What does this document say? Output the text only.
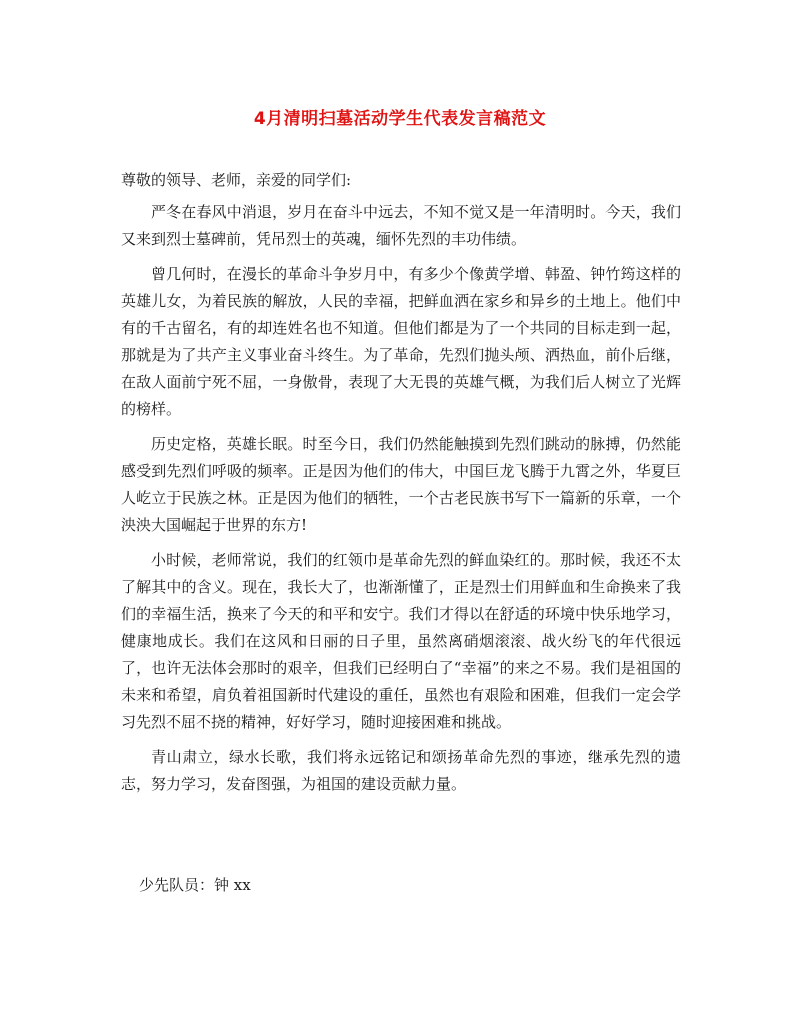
4月清明扫墓活动学生代表发言稿范文
尊敬的领导、老师，亲爱的同学们:

严冬在春风中消退，岁月在奋斗中远去，不知不觉又是一年清明时。今天，我们又来到烈士墓碑前，凭吊烈士的英魂，缅怀先烈的丰功伟绩。

曾几何时，在漫长的革命斗争岁月中，有多少个像黄学增、韩盈、钟竹筠这样的英雄儿女，为着民族的解放，人民的幸福，把鲜血洒在家乡和异乡的土地上。他们中有的千古留名，有的却连姓名也不知道。但他们都是为了一个共同的目标走到一起，那就是为了共产主义事业奋斗终生。为了革命，先烈们抛头颅、洒热血，前仆后继，在敌人面前宁死不屈，一身傲骨，表现了大无畏的英雄气概，为我们后人树立了光辉的榜样。

历史定格，英雄长眠。时至今日，我们仍然能触摸到先烈们跳动的脉搏，仍然能感受到先烈们呼吸的频率。正是因为他们的伟大，中国巨龙飞腾于九霄之外，华夏巨人屹立于民族之林。正是因为他们的牺牲，一个古老民族书写下一篇新的乐章，一个泱泱大国崛起于世界的东方!

小时候，老师常说，我们的红领巾是革命先烈的鲜血染红的。那时候，我还不太了解其中的含义。现在，我长大了，也渐渐懂了，正是烈士们用鲜血和生命换来了我们的幸福生活，换来了今天的和平和安宁。我们才得以在舒适的环境中快乐地学习，健康地成长。我们在这风和日丽的日子里，虽然离硝烟滚滚、战火纷飞的年代很远了，也许无法体会那时的艰辛，但我们已经明白了“幸福”的来之不易。我们是祖国的未来和希望，肩负着祖国新时代建设的重任，虽然也有艰险和困难，但我们一定会学习先烈不屈不挠的精神，好好学习，随时迎接困难和挑战。

青山肃立，绿水长歌，我们将永远铭记和颂扬革命先烈的事迹，继承先烈的遗志，努力学习，发奋图强，为祖国的建设贡献力量。

少先队员：钟 xx
